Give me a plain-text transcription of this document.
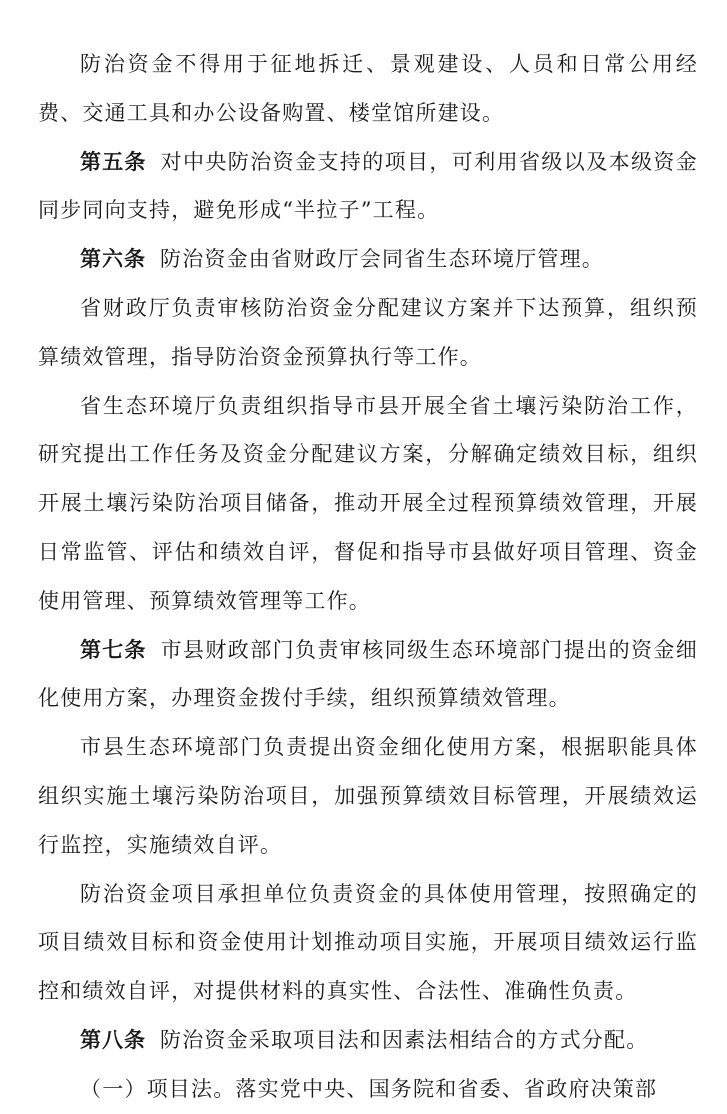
防治资金不得用于征地拆迁、景观建设、人员和日常公用经费、交通工具和办公设备购置、楼堂馆所建设。

第五条 对中央防治资金支持的项目，可利用省级以及本级资金同步同向支持，避免形成“半拉子”工程。

第六条 防治资金由省财政厅会同省生态环境厅管理。

省财政厅负责审核防治资金分配建议方案并下达预算，组织预算绩效管理，指导防治资金预算执行等工作。

省生态环境厅负责组织指导市县开展全省土壤污染防治工作，研究提出工作任务及资金分配建议方案，分解确定绩效目标，组织开展土壤污染防治项目储备，推动开展全过程预算绩效管理，开展日常监管、评估和绩效自评，督促和指导市县做好项目管理、资金使用管理、预算绩效管理等工作。

第七条 市县财政部门负责审核同级生态环境部门提出的资金细化使用方案，办理资金拨付手续，组织预算绩效管理。

市县生态环境部门负责提出资金细化使用方案，根据职能具体组织实施土壤污染防治项目，加强预算绩效目标管理，开展绩效运行监控，实施绩效自评。

防治资金项目承担单位负责资金的具体使用管理，按照确定的项目绩效目标和资金使用计划推动项目实施，开展项目绩效运行监控和绩效自评，对提供材料的真实性、合法性、准确性负责。

第八条 防治资金采取项目法和因素法相结合的方式分配。

（一）项目法。落实党中央、国务院和省委、省政府决策部
